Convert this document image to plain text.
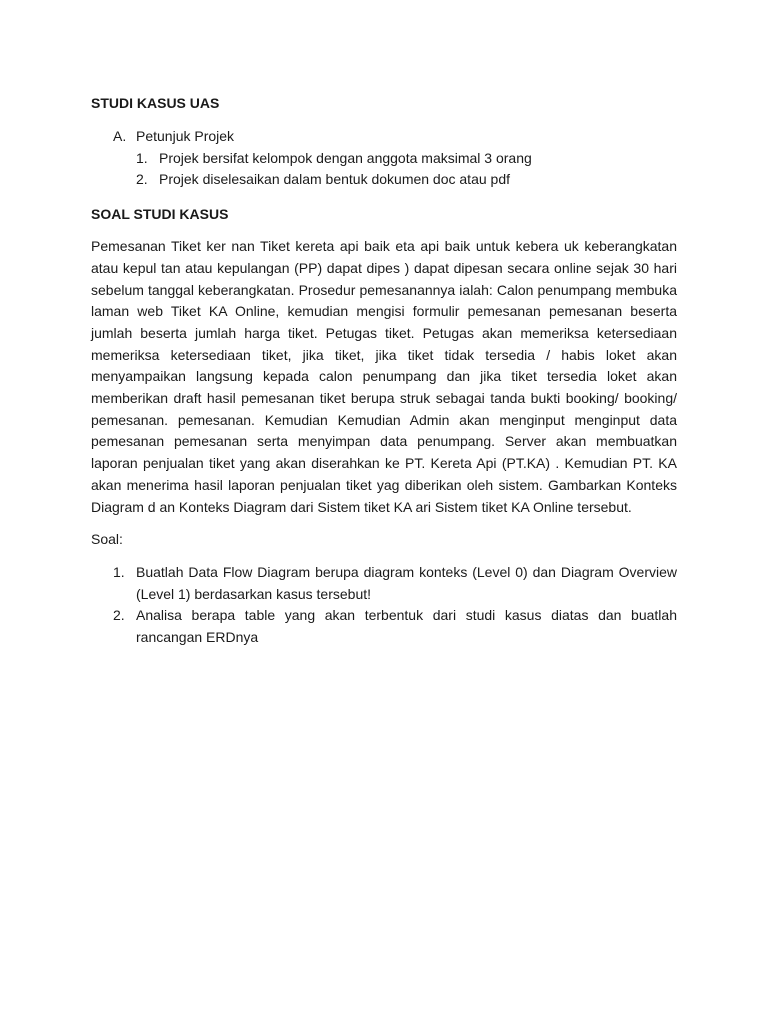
STUDI KASUS UAS

A. Petunjuk Projek
1. Projek bersifat kelompok dengan anggota maksimal 3 orang
2. Projek diselesaikan dalam bentuk dokumen doc atau pdf

SOAL STUDI KASUS

Pemesanan Tiket ker nan Tiket kereta api baik eta api baik untuk kebera uk keberangkatan atau kepul tan atau kepulangan (PP) dapat dipes ) dapat dipesan secara online sejak 30 hari sebelum tanggal keberangkatan. Prosedur pemesanannya ialah: Calon penumpang membuka laman web Tiket KA Online, kemudian mengisi formulir pemesanan pemesanan beserta jumlah beserta jumlah harga tiket. Petugas tiket. Petugas akan memeriksa ketersediaan memeriksa ketersediaan tiket, jika tiket, jika tiket tidak tersedia / habis loket akan menyampaikan langsung kepada calon penumpang dan jika tiket tersedia loket akan memberikan draft hasil pemesanan tiket berupa struk sebagai tanda bukti booking/ booking/ pemesanan. pemesanan. Kemudian Kemudian Admin akan menginput menginput data pemesanan pemesanan serta menyimpan data penumpang. Server akan membuatkan laporan penjualan tiket yang akan diserahkan ke PT. Kereta Api (PT.KA) . Kemudian PT. KA akan menerima hasil laporan penjualan tiket yag diberikan oleh sistem. Gambarkan Konteks Diagram d an Konteks Diagram dari Sistem tiket KA ari Sistem tiket KA Online tersebut.

Soal:

1. Buatlah Data Flow Diagram berupa diagram konteks (Level 0) dan Diagram Overview (Level 1) berdasarkan kasus tersebut!
2. Analisa berapa table yang akan terbentuk dari studi kasus diatas dan buatlah rancangan ERDnya
